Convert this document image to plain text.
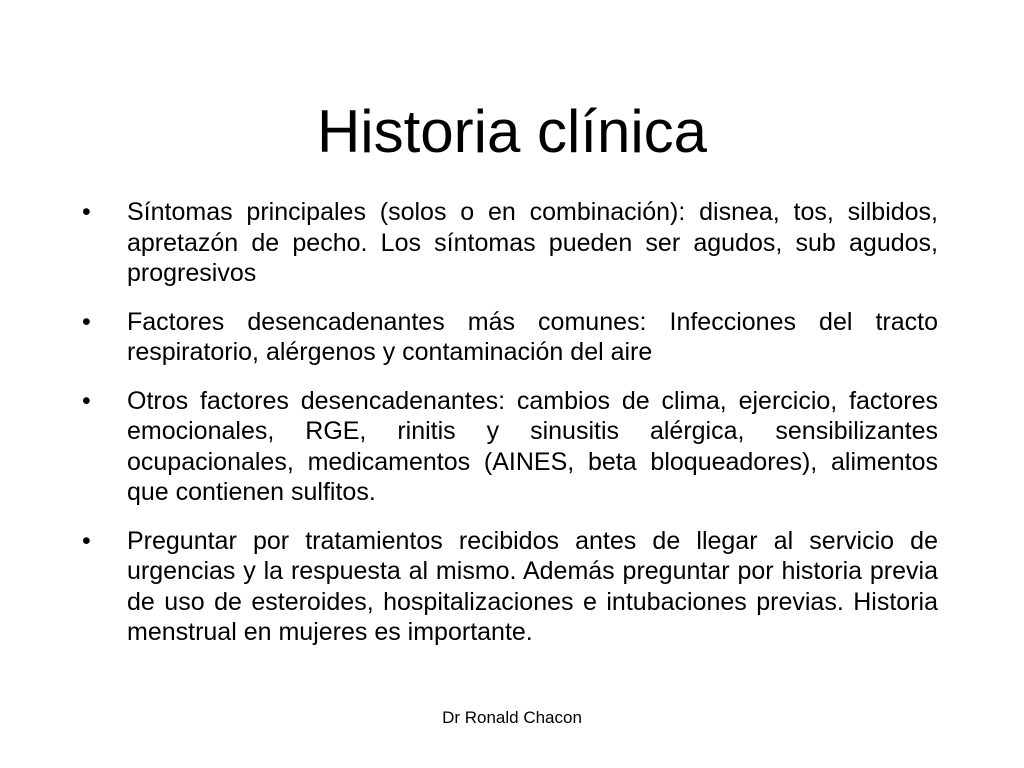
Historia clínica
•	Síntomas principales (solos o en combinación): disnea, tos, silbidos, apretazón de pecho. Los síntomas pueden ser agudos, sub agudos, progresivos
•	Factores desencadenantes más comunes: Infecciones del tracto respiratorio, alérgenos y contaminación del aire
•	Otros factores desencadenantes: cambios de clima, ejercicio, factores emocionales, RGE, rinitis y sinusitis alérgica, sensibilizantes ocupacionales, medicamentos (AINES, beta bloqueadores), alimentos que contienen sulfitos.
•	Preguntar por tratamientos recibidos antes de llegar al servicio de urgencias y la respuesta al mismo. Además preguntar por historia previa de uso de esteroides, hospitalizaciones e intubaciones previas. Historia menstrual en mujeres es importante.

Dr Ronald Chacon
